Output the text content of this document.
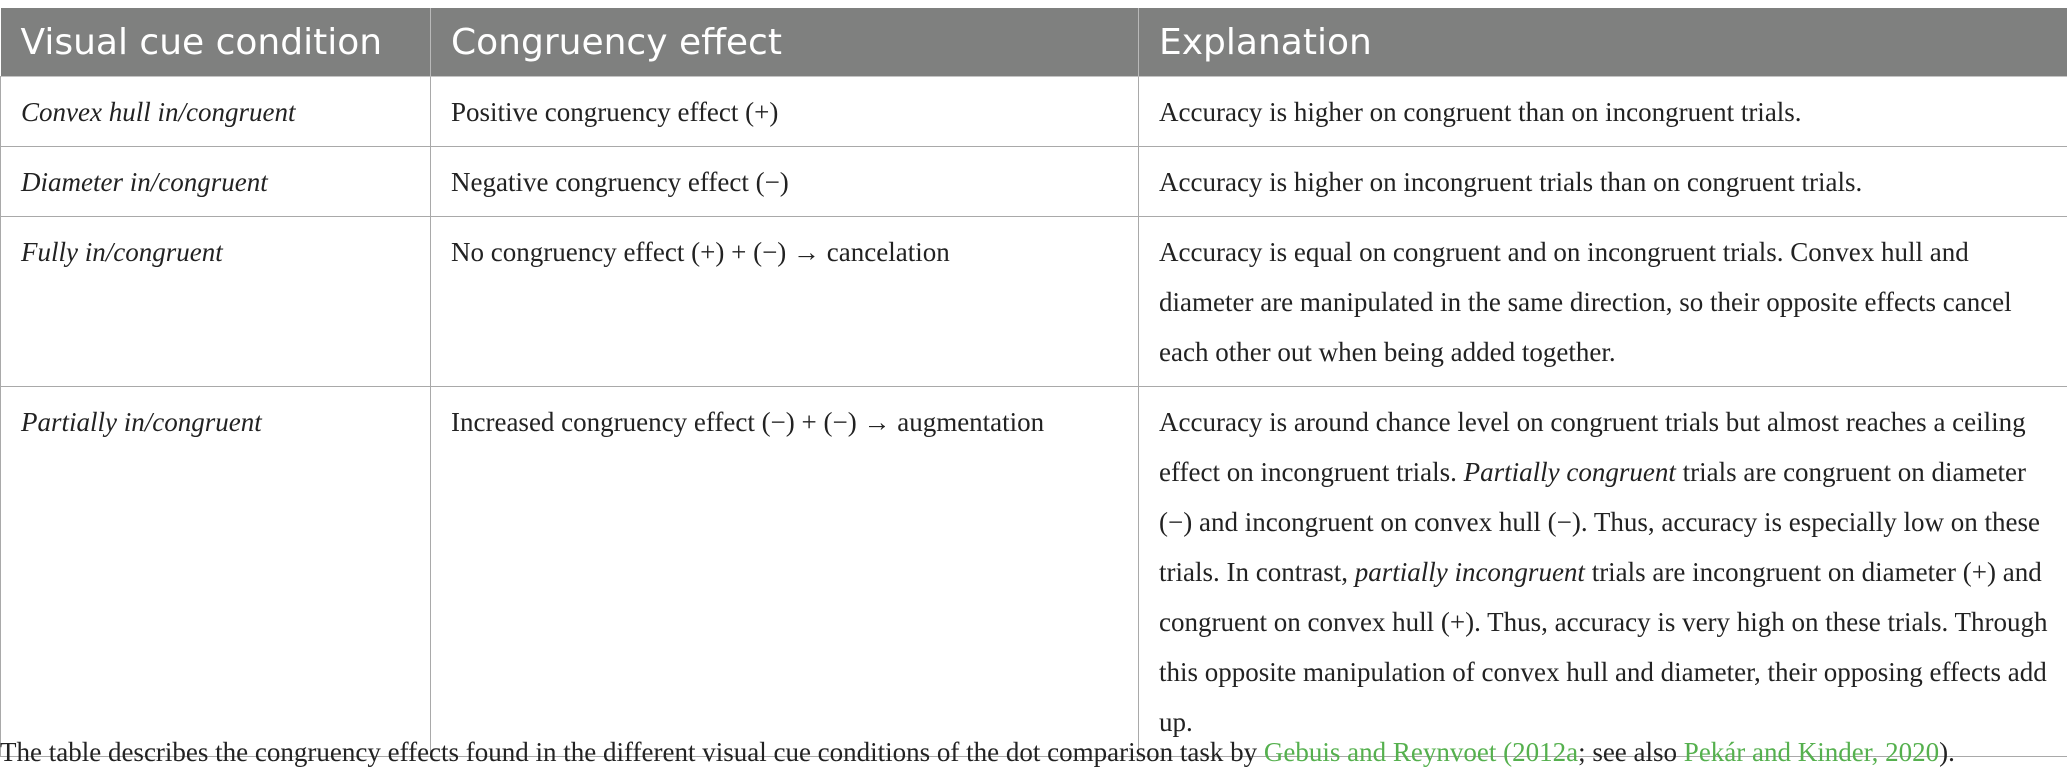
Visual cue condition	Congruency effect	Explanation
Convex hull in/congruent	Positive congruency effect (+)	Accuracy is higher on congruent than on incongruent trials.
Diameter in/congruent	Negative congruency effect (−)	Accuracy is higher on incongruent trials than on congruent trials.
Fully in/congruent	No congruency effect (+) + (−) → cancelation	Accuracy is equal on congruent and on incongruent trials. Convex hull and diameter are manipulated in the same direction, so their opposite effects cancel each other out when being added together.
Partially in/congruent	Increased congruency effect (−) + (−) → augmentation	Accuracy is around chance level on congruent trials but almost reaches a ceiling effect on incongruent trials. Partially congruent trials are congruent on diameter (−) and incongruent on convex hull (−). Thus, accuracy is especially low on these trials. In contrast, partially incongruent trials are incongruent on diameter (+) and congruent on convex hull (+). Thus, accuracy is very high on these trials. Through this opposite manipulation of convex hull and diameter, their opposing effects add up.
The table describes the congruency effects found in the different visual cue conditions of the dot comparison task by Gebuis and Reynvoet (2012a; see also Pekár and Kinder, 2020).
